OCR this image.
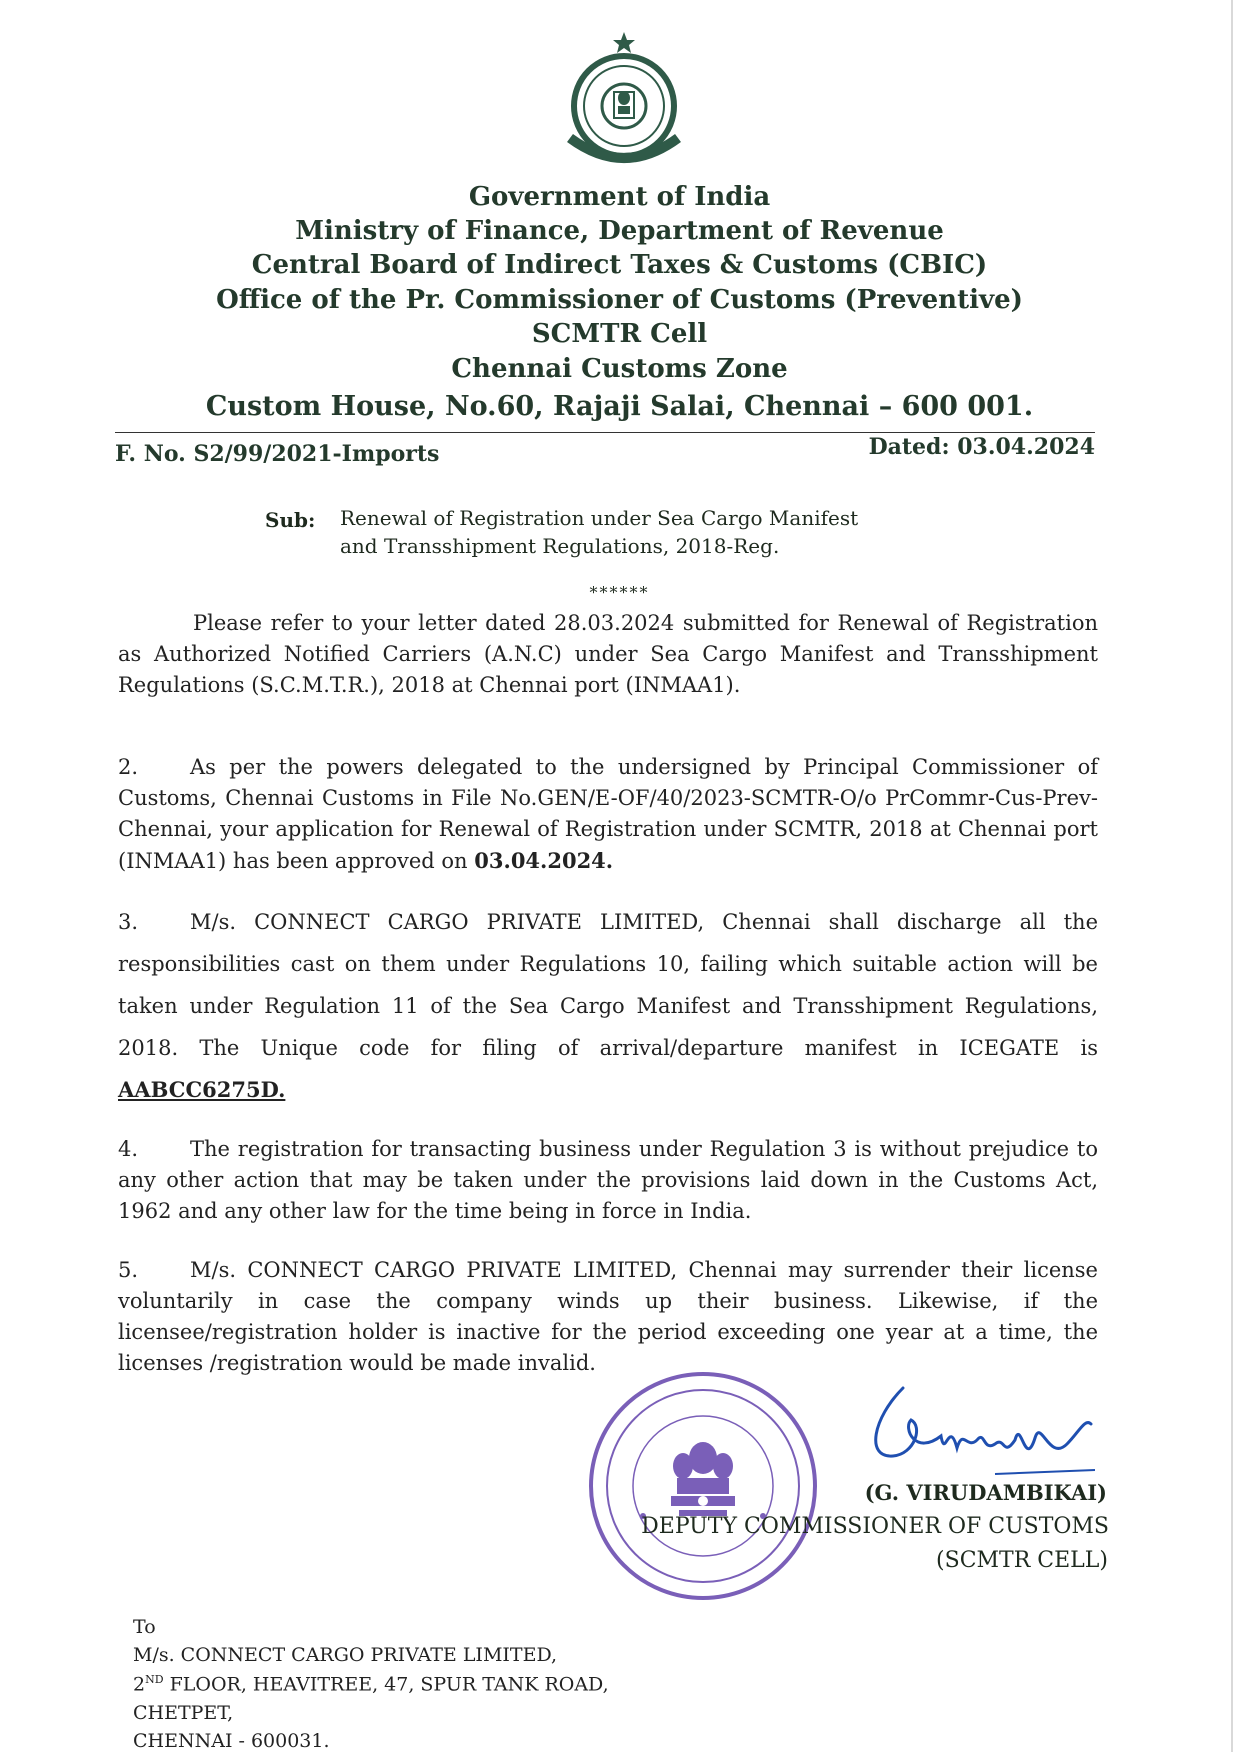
Government of India
Ministry of Finance, Department of Revenue
Central Board of Indirect Taxes & Customs (CBIC)
Office of the Pr. Commissioner of Customs (Preventive)
SCMTR Cell
Chennai Customs Zone
Custom House, No.60, Rajaji Salai, Chennai – 600 001.
F. No. S2/99/2021-Imports	Dated: 03.04.2024
Sub: Renewal of Registration under Sea Cargo Manifest
and Transshipment Regulations, 2018-Reg.
******
Please refer to your letter dated 28.03.2024 submitted for Renewal of Registration as Authorized Notified Carriers (A.N.C) under Sea Cargo Manifest and Transshipment Regulations (S.C.M.T.R.), 2018 at Chennai port (INMAA1).
2. As per the powers delegated to the undersigned by Principal Commissioner of Customs, Chennai Customs in File No.GEN/E-OF/40/2023-SCMTR-O/o PrCommr-Cus-Prev-Chennai, your application for Renewal of Registration under SCMTR, 2018 at Chennai port (INMAA1) has been approved on 03.04.2024.
3. M/s. CONNECT CARGO PRIVATE LIMITED, Chennai shall discharge all the responsibilities cast on them under Regulations 10, failing which suitable action will be taken under Regulation 11 of the Sea Cargo Manifest and Transshipment Regulations, 2018. The Unique code for filing of arrival/departure manifest in ICEGATE is AABCC6275D.
4. The registration for transacting business under Regulation 3 is without prejudice to any other action that may be taken under the provisions laid down in the Customs Act, 1962 and any other law for the time being in force in India.
5. M/s. CONNECT CARGO PRIVATE LIMITED, Chennai may surrender their license voluntarily in case the company winds up their business. Likewise, if the licensee/registration holder is inactive for the period exceeding one year at a time, the licenses /registration would be made invalid.
(G. VIRUDAMBIKAI)
DEPUTY COMMISSIONER OF CUSTOMS
(SCMTR CELL)
To
M/s. CONNECT CARGO PRIVATE LIMITED,
2ND FLOOR, HEAVITREE, 47, SPUR TANK ROAD,
CHETPET,
CHENNAI - 600031.
